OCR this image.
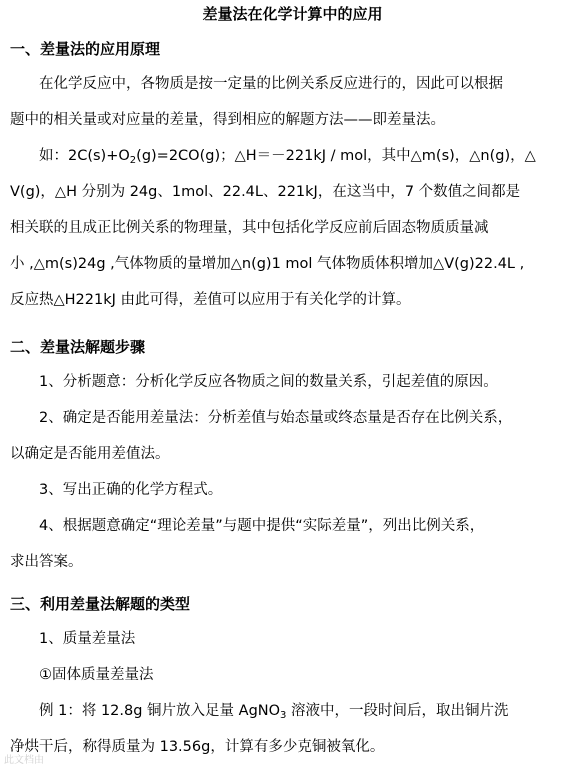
差量法在化学计算中的应用
一、差量法的应用原理
在化学反应中，各物质是按一定量的比例关系反应进行的，因此可以根据
题中的相关量或对应量的差量，得到相应的解题方法——即差量法。
如：$2C(s)+O_2(g)=2CO(g)$；△H＝－221kJ / mol，其中△m(s)，△n(g)，△
V(g)，△H 分别为 24g、1mol、22.4L、221kJ，在这当中，7 个数值之间都是
相关联的且成正比例关系的物理量，其中包括化学反应前后固态物质质量减
小 ,△m(s)24g ,气体物质的量增加△n(g)1 mol 气体物质体积增加△V(g)22.4L ,
反应热△H221kJ 由此可得，差值可以应用于有关化学的计算。
二、差量法解题步骤
1、分析题意：分析化学反应各物质之间的数量关系，引起差值的原因。
2、确定是否能用差量法：分析差值与始态量或终态量是否存在比例关系，
以确定是否能用差值法。
3、写出正确的化学方程式。
4、根据题意确定“理论差量”与题中提供“实际差量”，列出比例关系，
求出答案。
三、利用差量法解题的类型
1、质量差量法
①固体质量差量法
例 1：将 12.8g 铜片放入足量 AgNO$_3$ 溶液中，一段时间后，取出铜片洗
净烘干后，称得质量为 13.56g，计算有多少克铜被氧化。
此文档由
